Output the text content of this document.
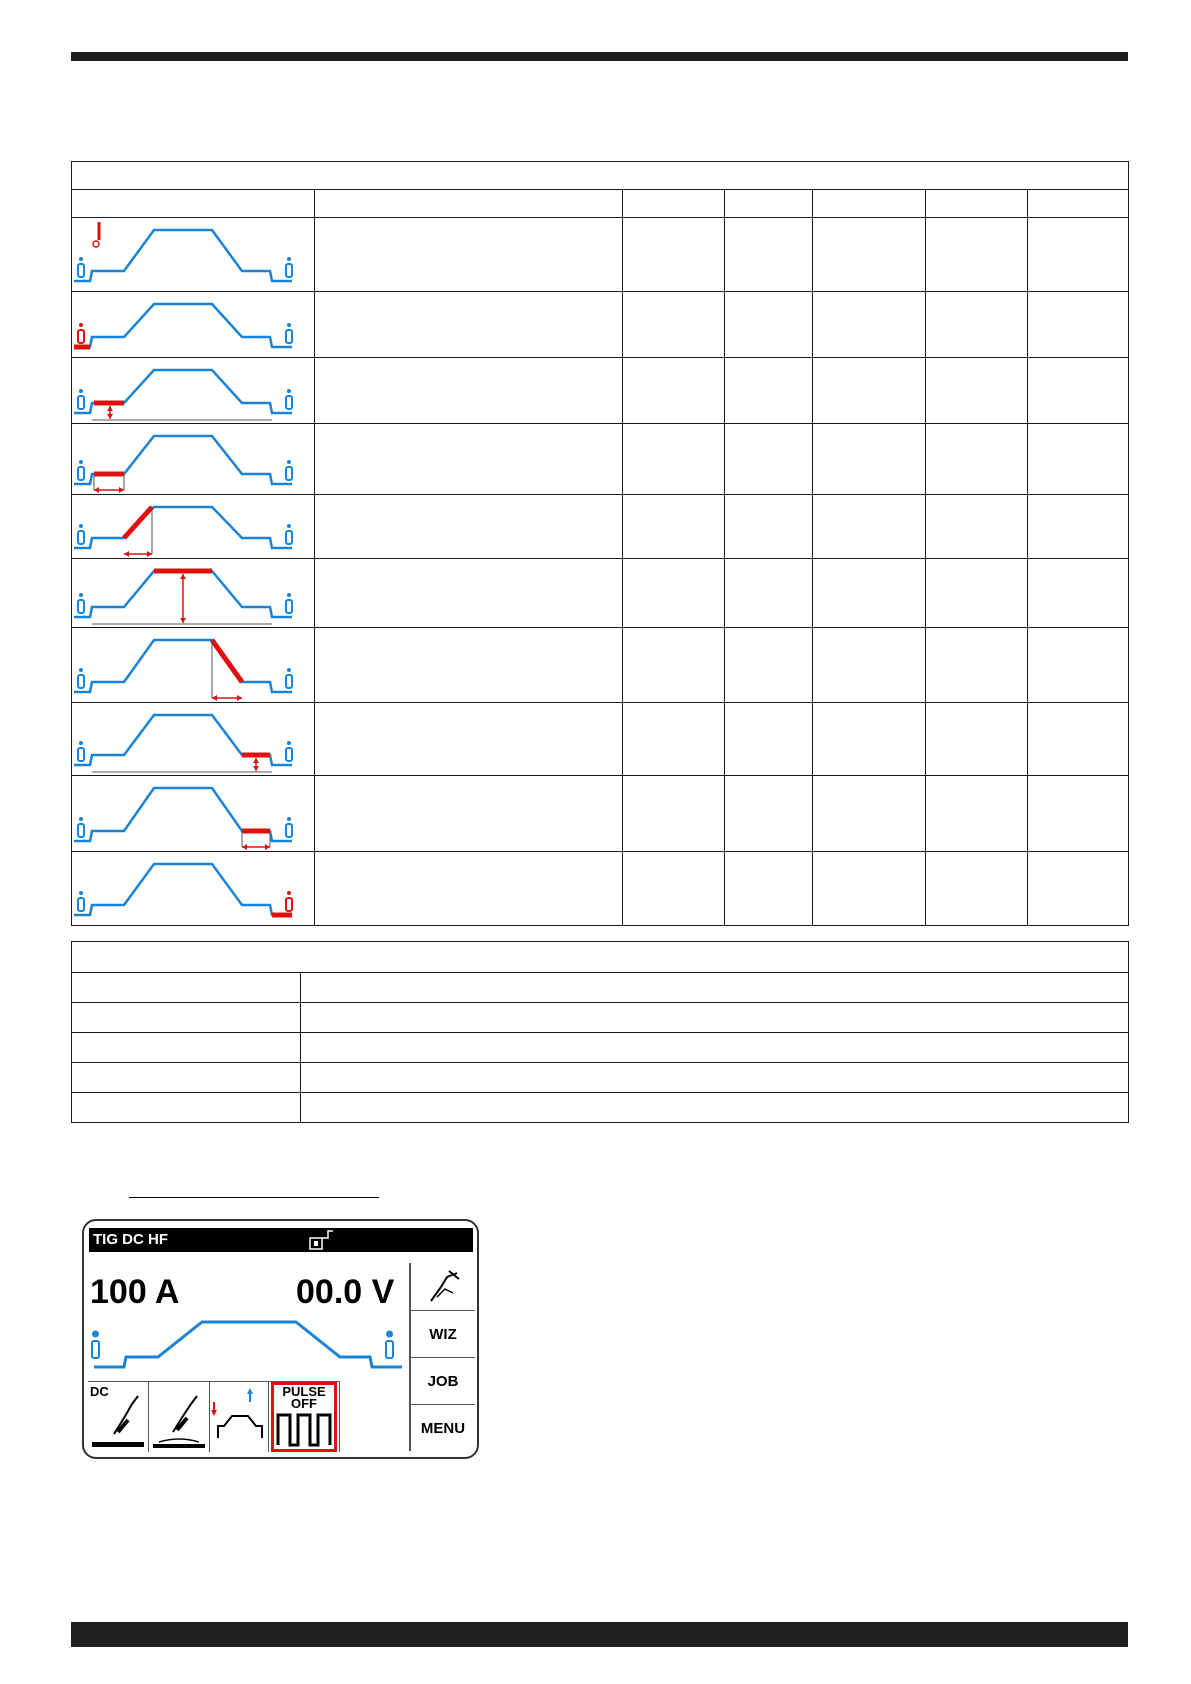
TIG DC HF
100 A	00.0 V
WIZ
JOB
MENU
DC	PULSE
OFF
